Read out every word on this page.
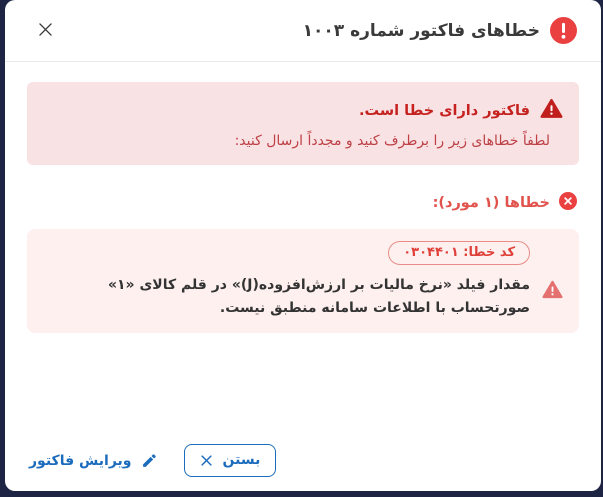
خطاهای فاکتور شماره ۱۰۰۳
فاکتور دارای خطا است.
لطفاً خطاهای زیر را برطرف کنید و مجدداً ارسال کنید:
خطاها (۱ مورد):
کد خطا: ۰۳۰۴۴۰۱
مقدار فیلد «نرخ مالیات بر ارزش‌افزوده(J)» در قلم کالای «۱» صورتحساب با اطلاعات سامانه منطبق نیست.
بستن
ویرایش فاکتور
